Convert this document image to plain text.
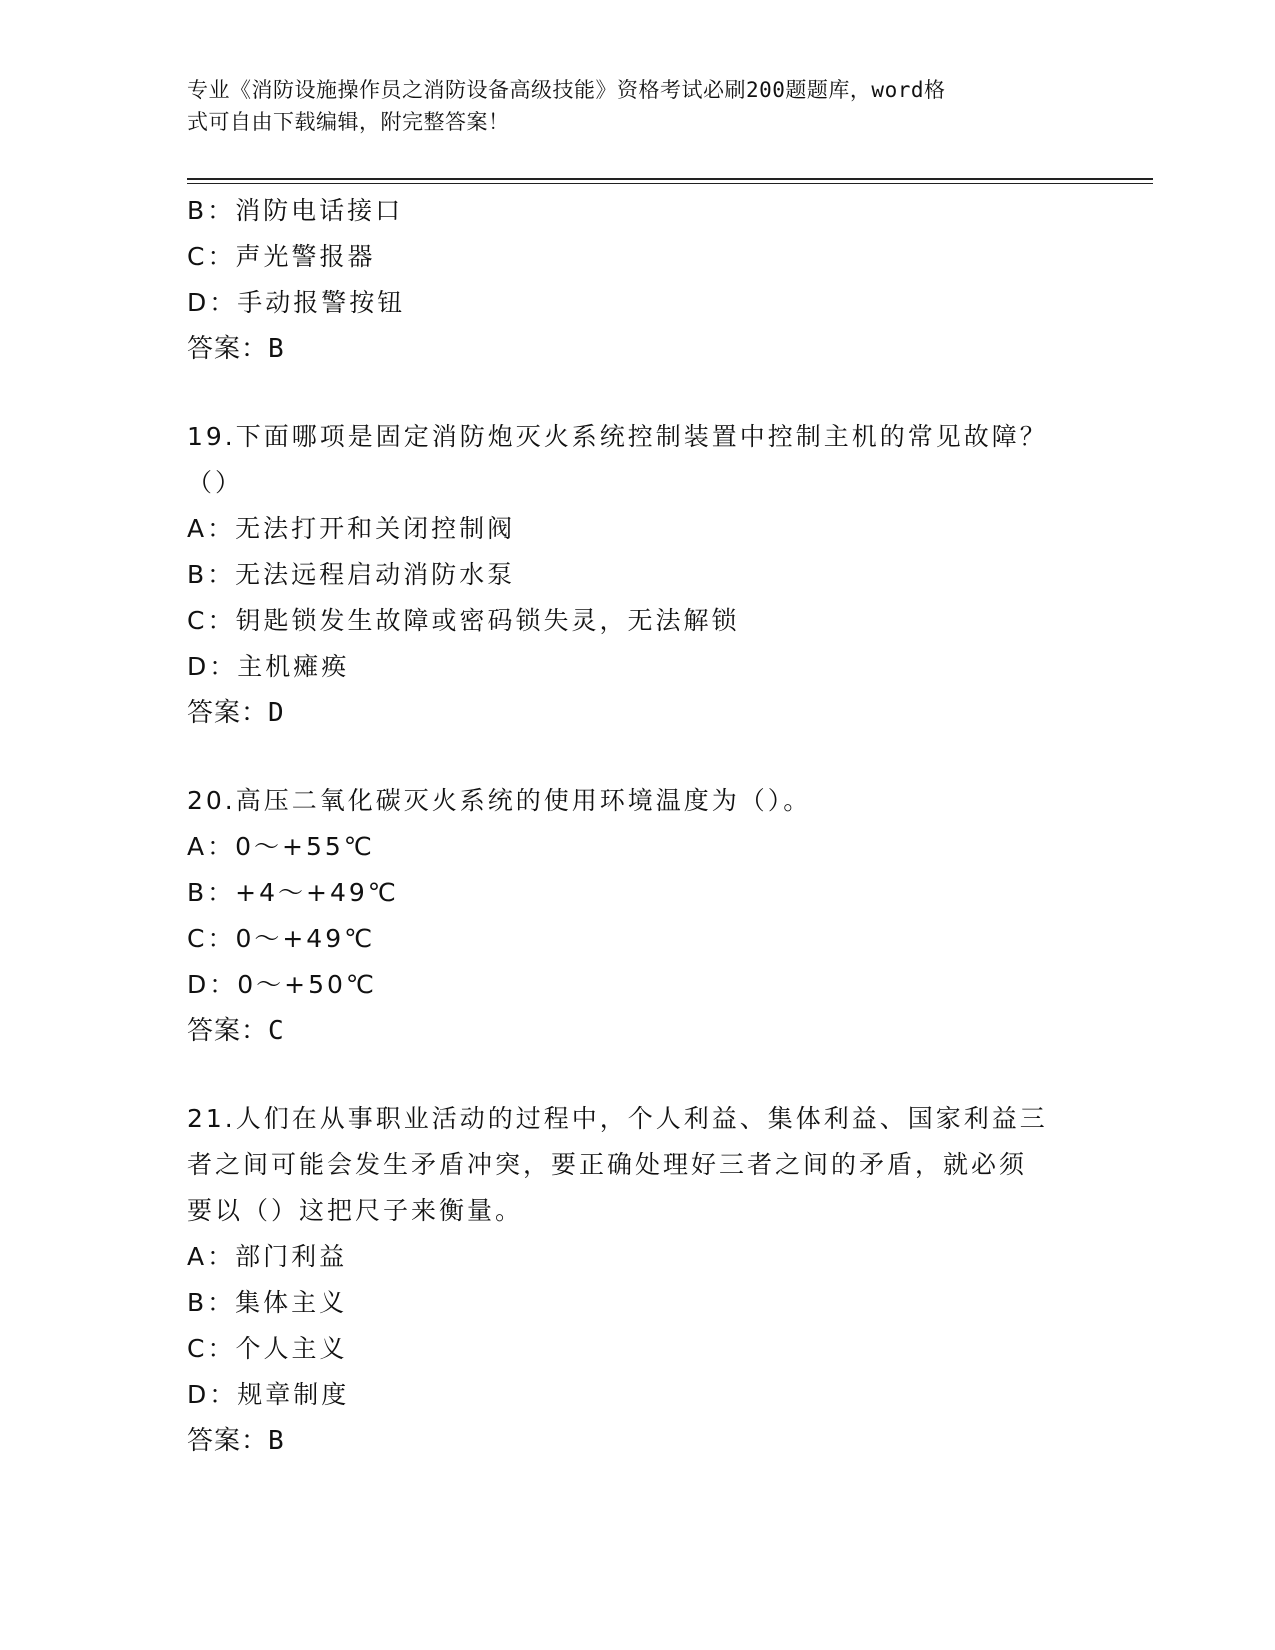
专业《消防设施操作员之消防设备高级技能》资格考试必刷200题题库，word格
式可自由下载编辑，附完整答案！
B：消防电话接口
C：声光警报器
D：手动报警按钮
答案：B
19.下面哪项是固定消防炮灭火系统控制装置中控制主机的常见故障？
（）
A：无法打开和关闭控制阀
B：无法远程启动消防水泵
C：钥匙锁发生故障或密码锁失灵，无法解锁
D：主机瘫痪
答案：D
20.高压二氧化碳灭火系统的使用环境温度为（）。
A：0～+55℃
B：+4～+49℃
C：0～+49℃
D：0～+50℃
答案：C
21.人们在从事职业活动的过程中，个人利益、集体利益、国家利益三
者之间可能会发生矛盾冲突，要正确处理好三者之间的矛盾，就必须
要以（）这把尺子来衡量。
A：部门利益
B：集体主义
C：个人主义
D：规章制度
答案：B
